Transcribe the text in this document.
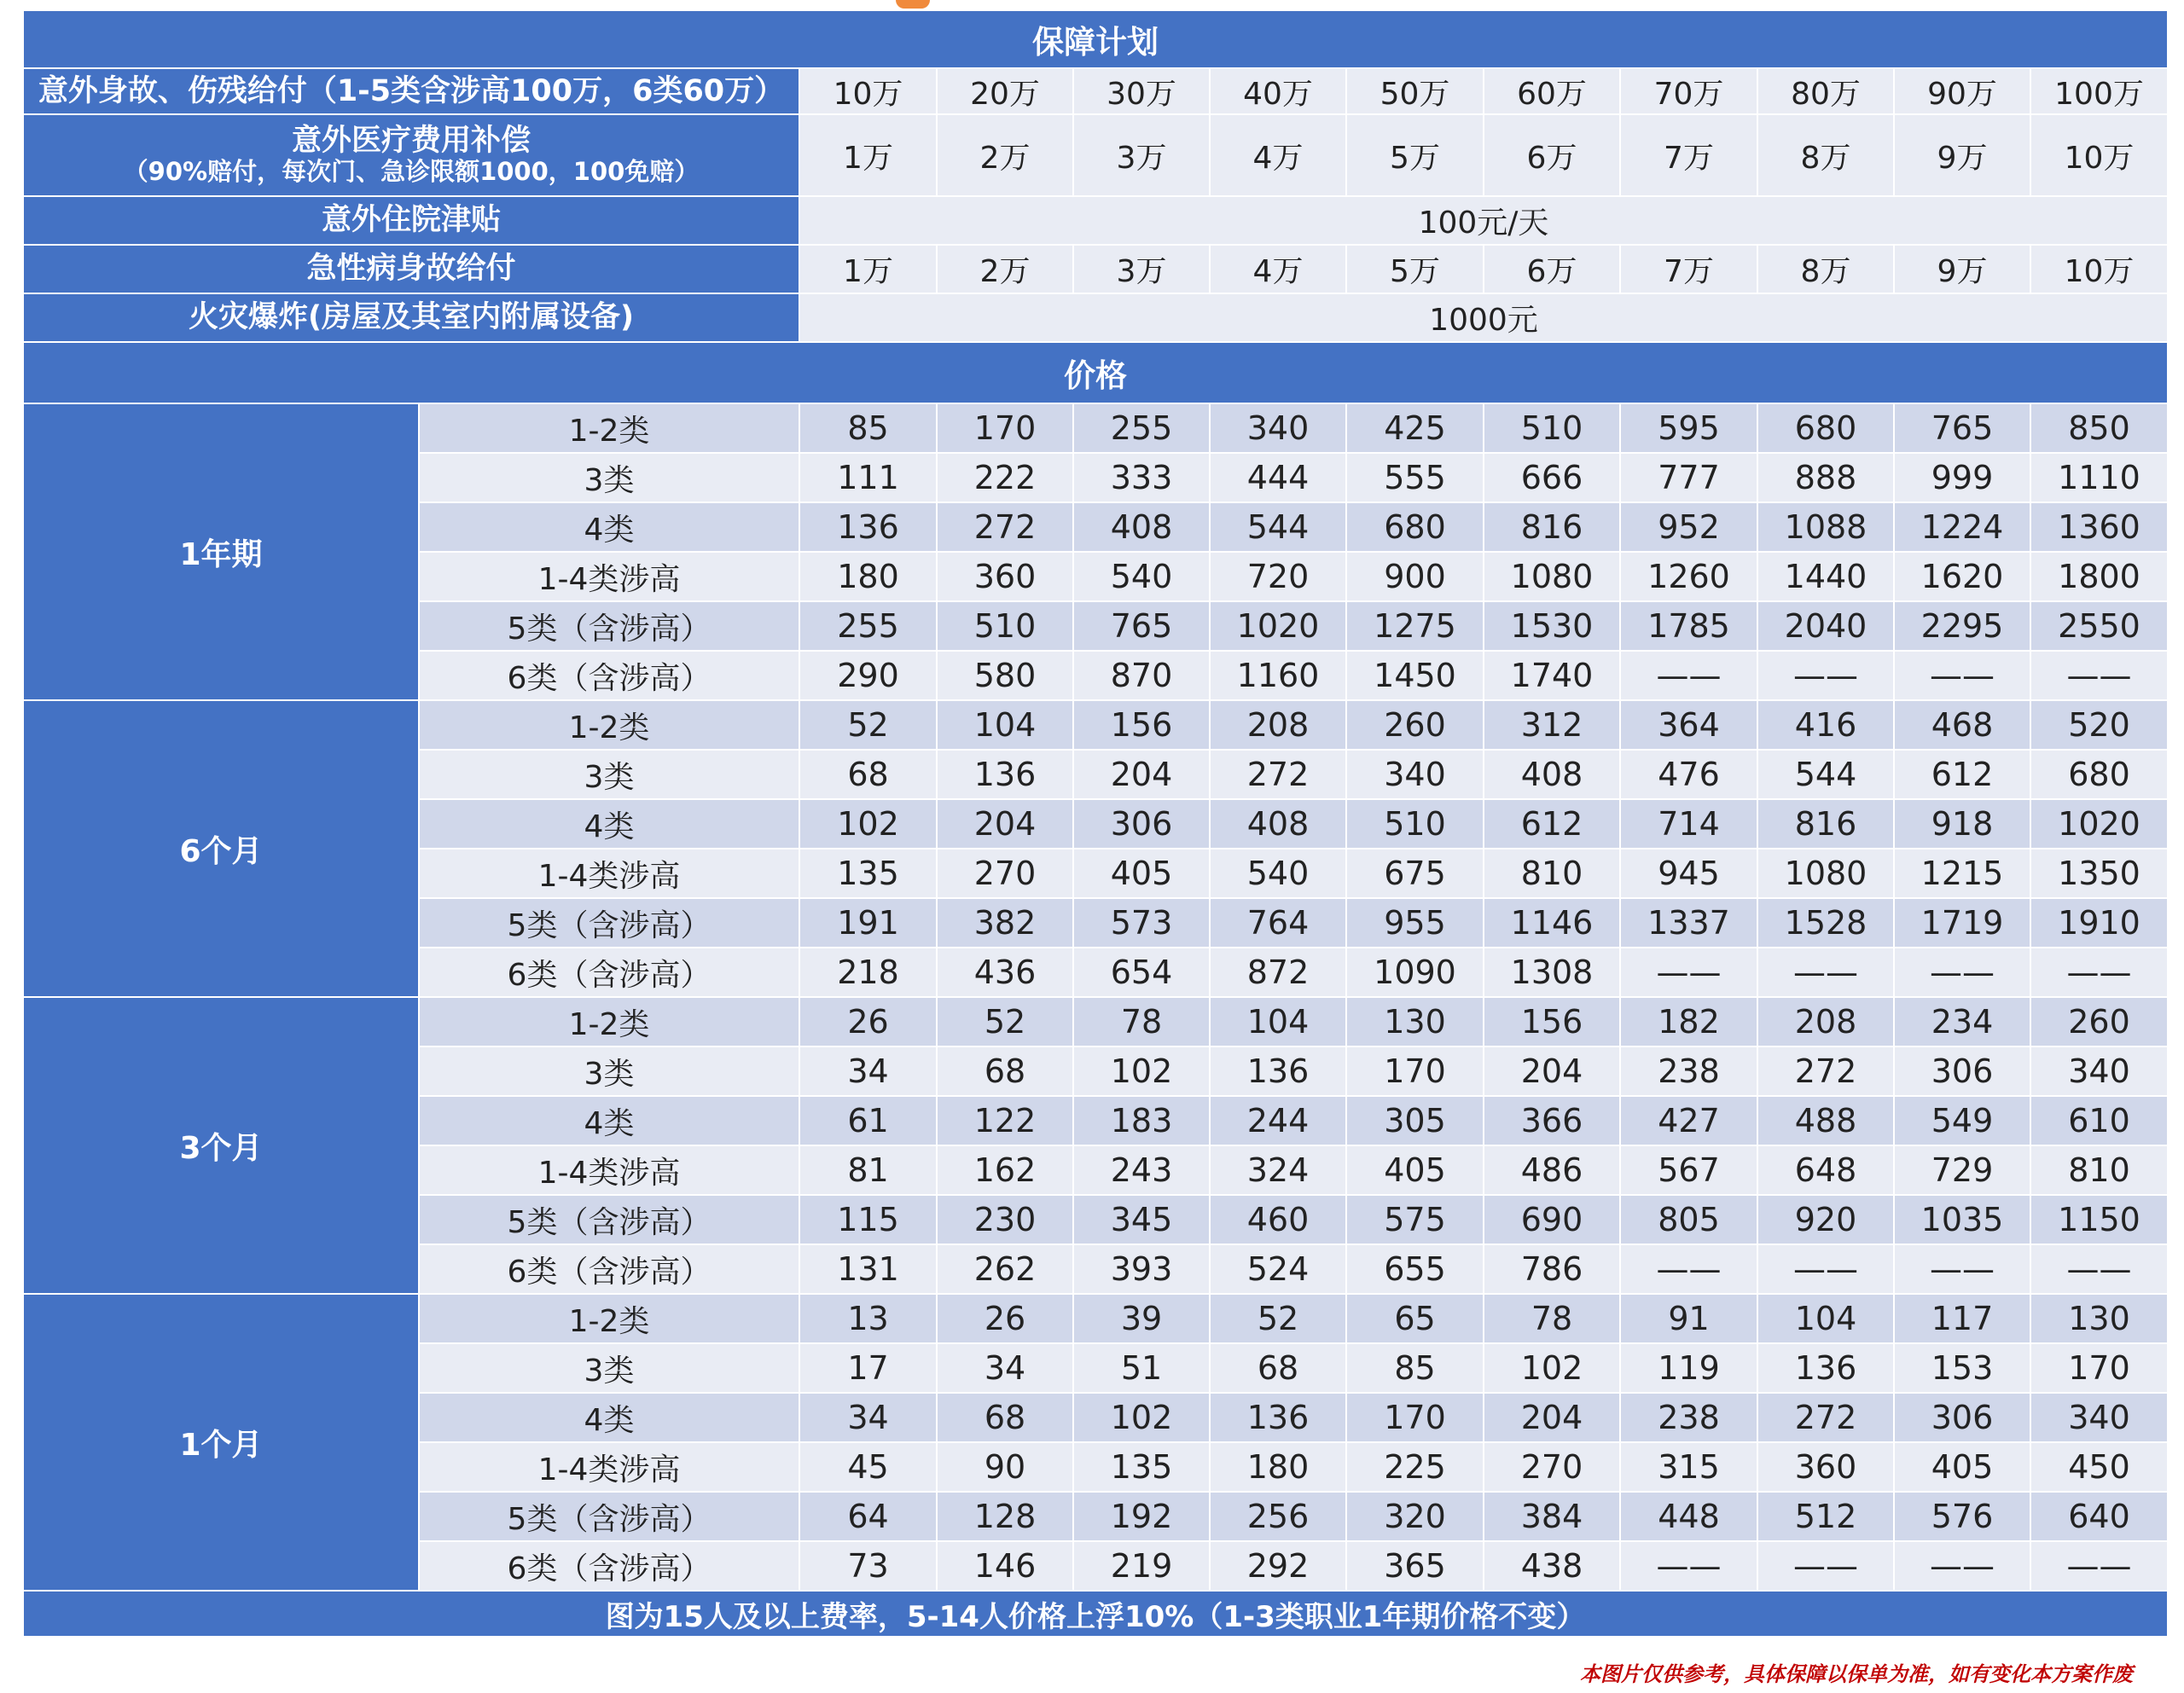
保障计划											
意外身故、伤残给付（1-5类含涉高100万，6类60万）		10万	20万	30万	40万	50万	60万	70万	80万	90万	100万
意外医疗费用补偿
（90%赔付，每次门、急诊限额1000，100免赔）		1万	2万	3万	4万	5万	6万	7万	8万	9万	10万
意外住院津贴		100元/天									
急性病身故给付		1万	2万	3万	4万	5万	6万	7万	8万	9万	10万
火灾爆炸(房屋及其室内附属设备)		1000元									
价格											
1年期	1-2类	85	170	255	340	425	510	595	680	765	850
	3类	111	222	333	444	555	666	777	888	999	1110
	4类	136	272	408	544	680	816	952	1088	1224	1360
	1-4类涉高	180	360	540	720	900	1080	1260	1440	1620	1800
	5类（含涉高）	255	510	765	1020	1275	1530	1785	2040	2295	2550
	6类（含涉高）	290	580	870	1160	1450	1740	——	——	——	——
6个月	1-2类	52	104	156	208	260	312	364	416	468	520
	3类	68	136	204	272	340	408	476	544	612	680
	4类	102	204	306	408	510	612	714	816	918	1020
	1-4类涉高	135	270	405	540	675	810	945	1080	1215	1350
	5类（含涉高）	191	382	573	764	955	1146	1337	1528	1719	1910
	6类（含涉高）	218	436	654	872	1090	1308	——	——	——	——
3个月	1-2类	26	52	78	104	130	156	182	208	234	260
	3类	34	68	102	136	170	204	238	272	306	340
	4类	61	122	183	244	305	366	427	488	549	610
	1-4类涉高	81	162	243	324	405	486	567	648	729	810
	5类（含涉高）	115	230	345	460	575	690	805	920	1035	1150
	6类（含涉高）	131	262	393	524	655	786	——	——	——	——
1个月	1-2类	13	26	39	52	65	78	91	104	117	130
	3类	17	34	51	68	85	102	119	136	153	170
	4类	34	68	102	136	170	204	238	272	306	340
	1-4类涉高	45	90	135	180	225	270	315	360	405	450
	5类（含涉高）	64	128	192	256	320	384	448	512	576	640
	6类（含涉高）	73	146	219	292	365	438	——	——	——	——
图为15人及以上费率，5-14人价格上浮10%（1-3类职业1年期价格不变）											
本图片仅供参考，具体保障以保单为准，如有变化本方案作废
